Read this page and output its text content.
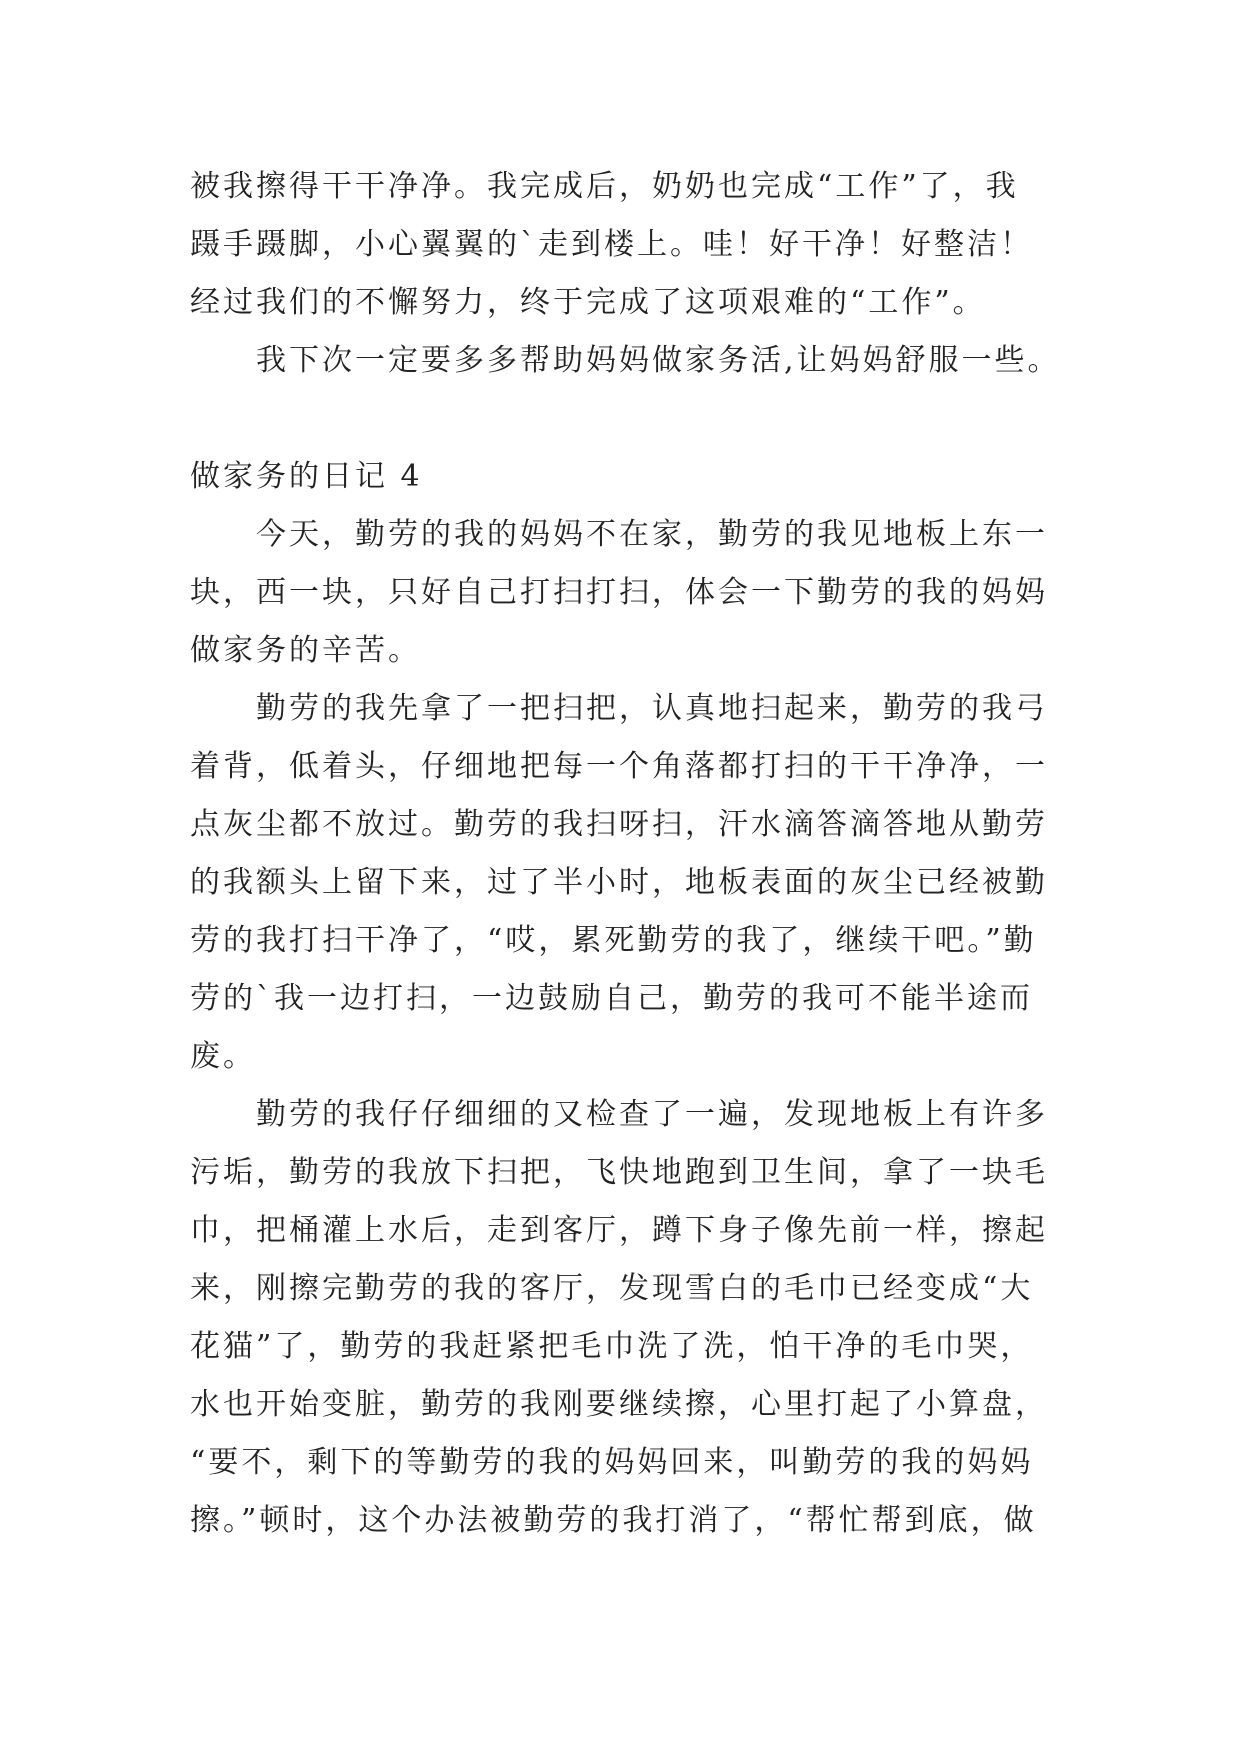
被我擦得干干净净。我完成后，奶奶也完成“工作”了，我
蹑手蹑脚，小心翼翼的`走到楼上。哇！好干净！好整洁！
经过我们的不懈努力，终于完成了这项艰难的“工作”。
我下次一定要多多帮助妈妈做家务活,让妈妈舒服一些。
做家务的日记 4
今天，勤劳的我的妈妈不在家，勤劳的我见地板上东一
块，西一块，只好自己打扫打扫，体会一下勤劳的我的妈妈
做家务的辛苦。
勤劳的我先拿了一把扫把，认真地扫起来，勤劳的我弓
着背，低着头，仔细地把每一个角落都打扫的干干净净，一
点灰尘都不放过。勤劳的我扫呀扫，汗水滴答滴答地从勤劳
的我额头上留下来，过了半小时，地板表面的灰尘已经被勤
劳的我打扫干净了，“哎，累死勤劳的我了，继续干吧。”勤
劳的`我一边打扫，一边鼓励自己，勤劳的我可不能半途而
废。
勤劳的我仔仔细细的又检查了一遍，发现地板上有许多
污垢，勤劳的我放下扫把，飞快地跑到卫生间，拿了一块毛
巾，把桶灌上水后，走到客厅，蹲下身子像先前一样，擦起
来，刚擦完勤劳的我的客厅，发现雪白的毛巾已经变成“大
花猫”了，勤劳的我赶紧把毛巾洗了洗，怕干净的毛巾哭，
水也开始变脏，勤劳的我刚要继续擦，心里打起了小算盘，
“要不，剩下的等勤劳的我的妈妈回来，叫勤劳的我的妈妈
擦。”顿时，这个办法被勤劳的我打消了，“帮忙帮到底，做
